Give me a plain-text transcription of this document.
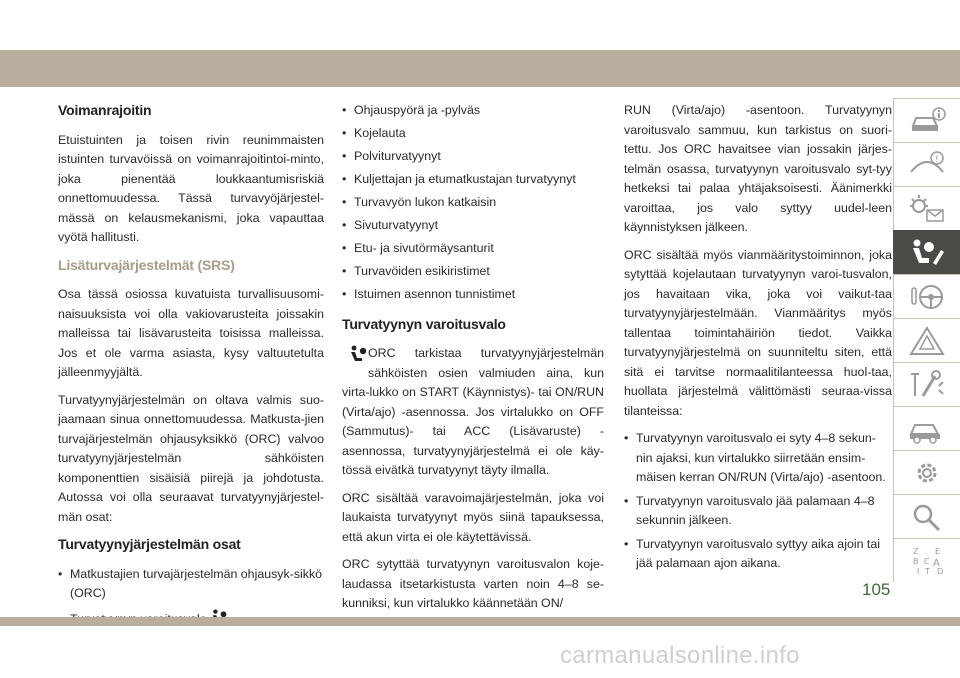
Voimanrajoitin

Etuistuinten ja toisen rivin reunimmaisten istuinten turvavöissä on voimanrajoitintoi-minto, joka pienentää loukkaantumisriskiä onnettomuudessa. Tässä turvavyöjärjestel-mässä on kelausmekanismi, joka vapauttaa vyötä hallitusti.

Lisäturvajärjestelmät (SRS)

Osa tässä osiossa kuvatuista turvallisuusomi-naisuuksista voi olla vakiovarusteita joissakin malleissa tai lisävarusteita toisissa malleissa. Jos et ole varma asiasta, kysy valtuutetulta jälleenmyyjältä.

Turvatyynyjärjestelmän on oltava valmis suo-jaamaan sinua onnettomuudessa. Matkusta-jien turvajärjestelmän ohjausyksikkö (ORC) valvoo turvatyynyjärjestelmän sähköisten komponenttien sisäisiä piirejä ja johdotusta. Autossa voi olla seuraavat turvatyynyjärjestel-män osat:

Turvatyynyjärjestelmän osat
• Matkustajien turvajärjestelmän ohjausyk-sikkö (ORC)

• Ohjauspyörä ja -pylväs
• Kojelauta
• Polviturvatyynyt
• Kuljettajan ja etumatkustajan turvatyynyt
• Turvavyön lukon katkaisin
• Sivuturvatyynyt
• Etu- ja sivutörmäysanturit
• Turvavöiden esikiristimet
• Istuimen asennon tunnistimet
Turvatyynyn varoitusvalo

ORC tarkistaa turvatyynyjärjestelmän sähköisten osien valmiuden aina, kun virta-lukko on START (Käynnistys)- tai ON/RUN (Virta/ajo) -asennossa. Jos virtalukko on OFF (Sammutus)- tai ACC (Lisävaruste) -asennossa, turvatyynyjärjestelmä ei ole käy-tössä eivätkä turvatyynyt täyty ilmalla.

ORC sisältää varavoimajärjestelmän, joka voi laukaista turvatyynyt myös siinä tapauksessa, että akun virta ei ole käytettävissä.

ORC sytyttää turvatyynyn varoitusvalon koje-laudassa itsetarkistusta varten noin 4–8 se-kunniksi, kun virtalukko käännetään ON/

RUN (Virta/ajo) -asentoon. Turvatyynyn varoitusvalo sammuu, kun tarkistus on suori-tettu. Jos ORC havaitsee vian jossakin järjes-telmän osassa, turvatyynyn varoitusvalo syt-tyy hetkeksi tai palaa yhtäjaksoisesti. Äänimerkki varoittaa, jos valo syttyy uudel-leen käynnistyksen jälkeen.

ORC sisältää myös vianmääritystoiminnon, joka sytyttää kojelautaan turvatyynyn varoi-tusvalon, jos havaitaan vika, joka voi vaikut-taa turvatyynyjärjestelmään. Vianmääritys myös tallentaa toimintahäiriön tiedot. Vaikka turvatyynyjärjestelmä on suunniteltu siten, että sitä ei tarvitse normaalitilanteessa huol-taa, huollata järjestelmä välittömästi seuraa-vissa tilanteissa:

• Turvatyynyn varoitusvalo ei syty 4–8 sekun-nin ajaksi, kun virtalukko siirretään ensim-mäisen kerran ON/RUN (Virta/ajo) -asentoon.
• Turvatyynyn varoitusvalo jää palamaan 4–8 sekunnin jälkeen.
• Turvatyynyn varoitusvalo syttyy aika ajoin tai jää palamaan ajon aikana.
!
Z E
B C A
I D
T
105
carmanualsonline.info
